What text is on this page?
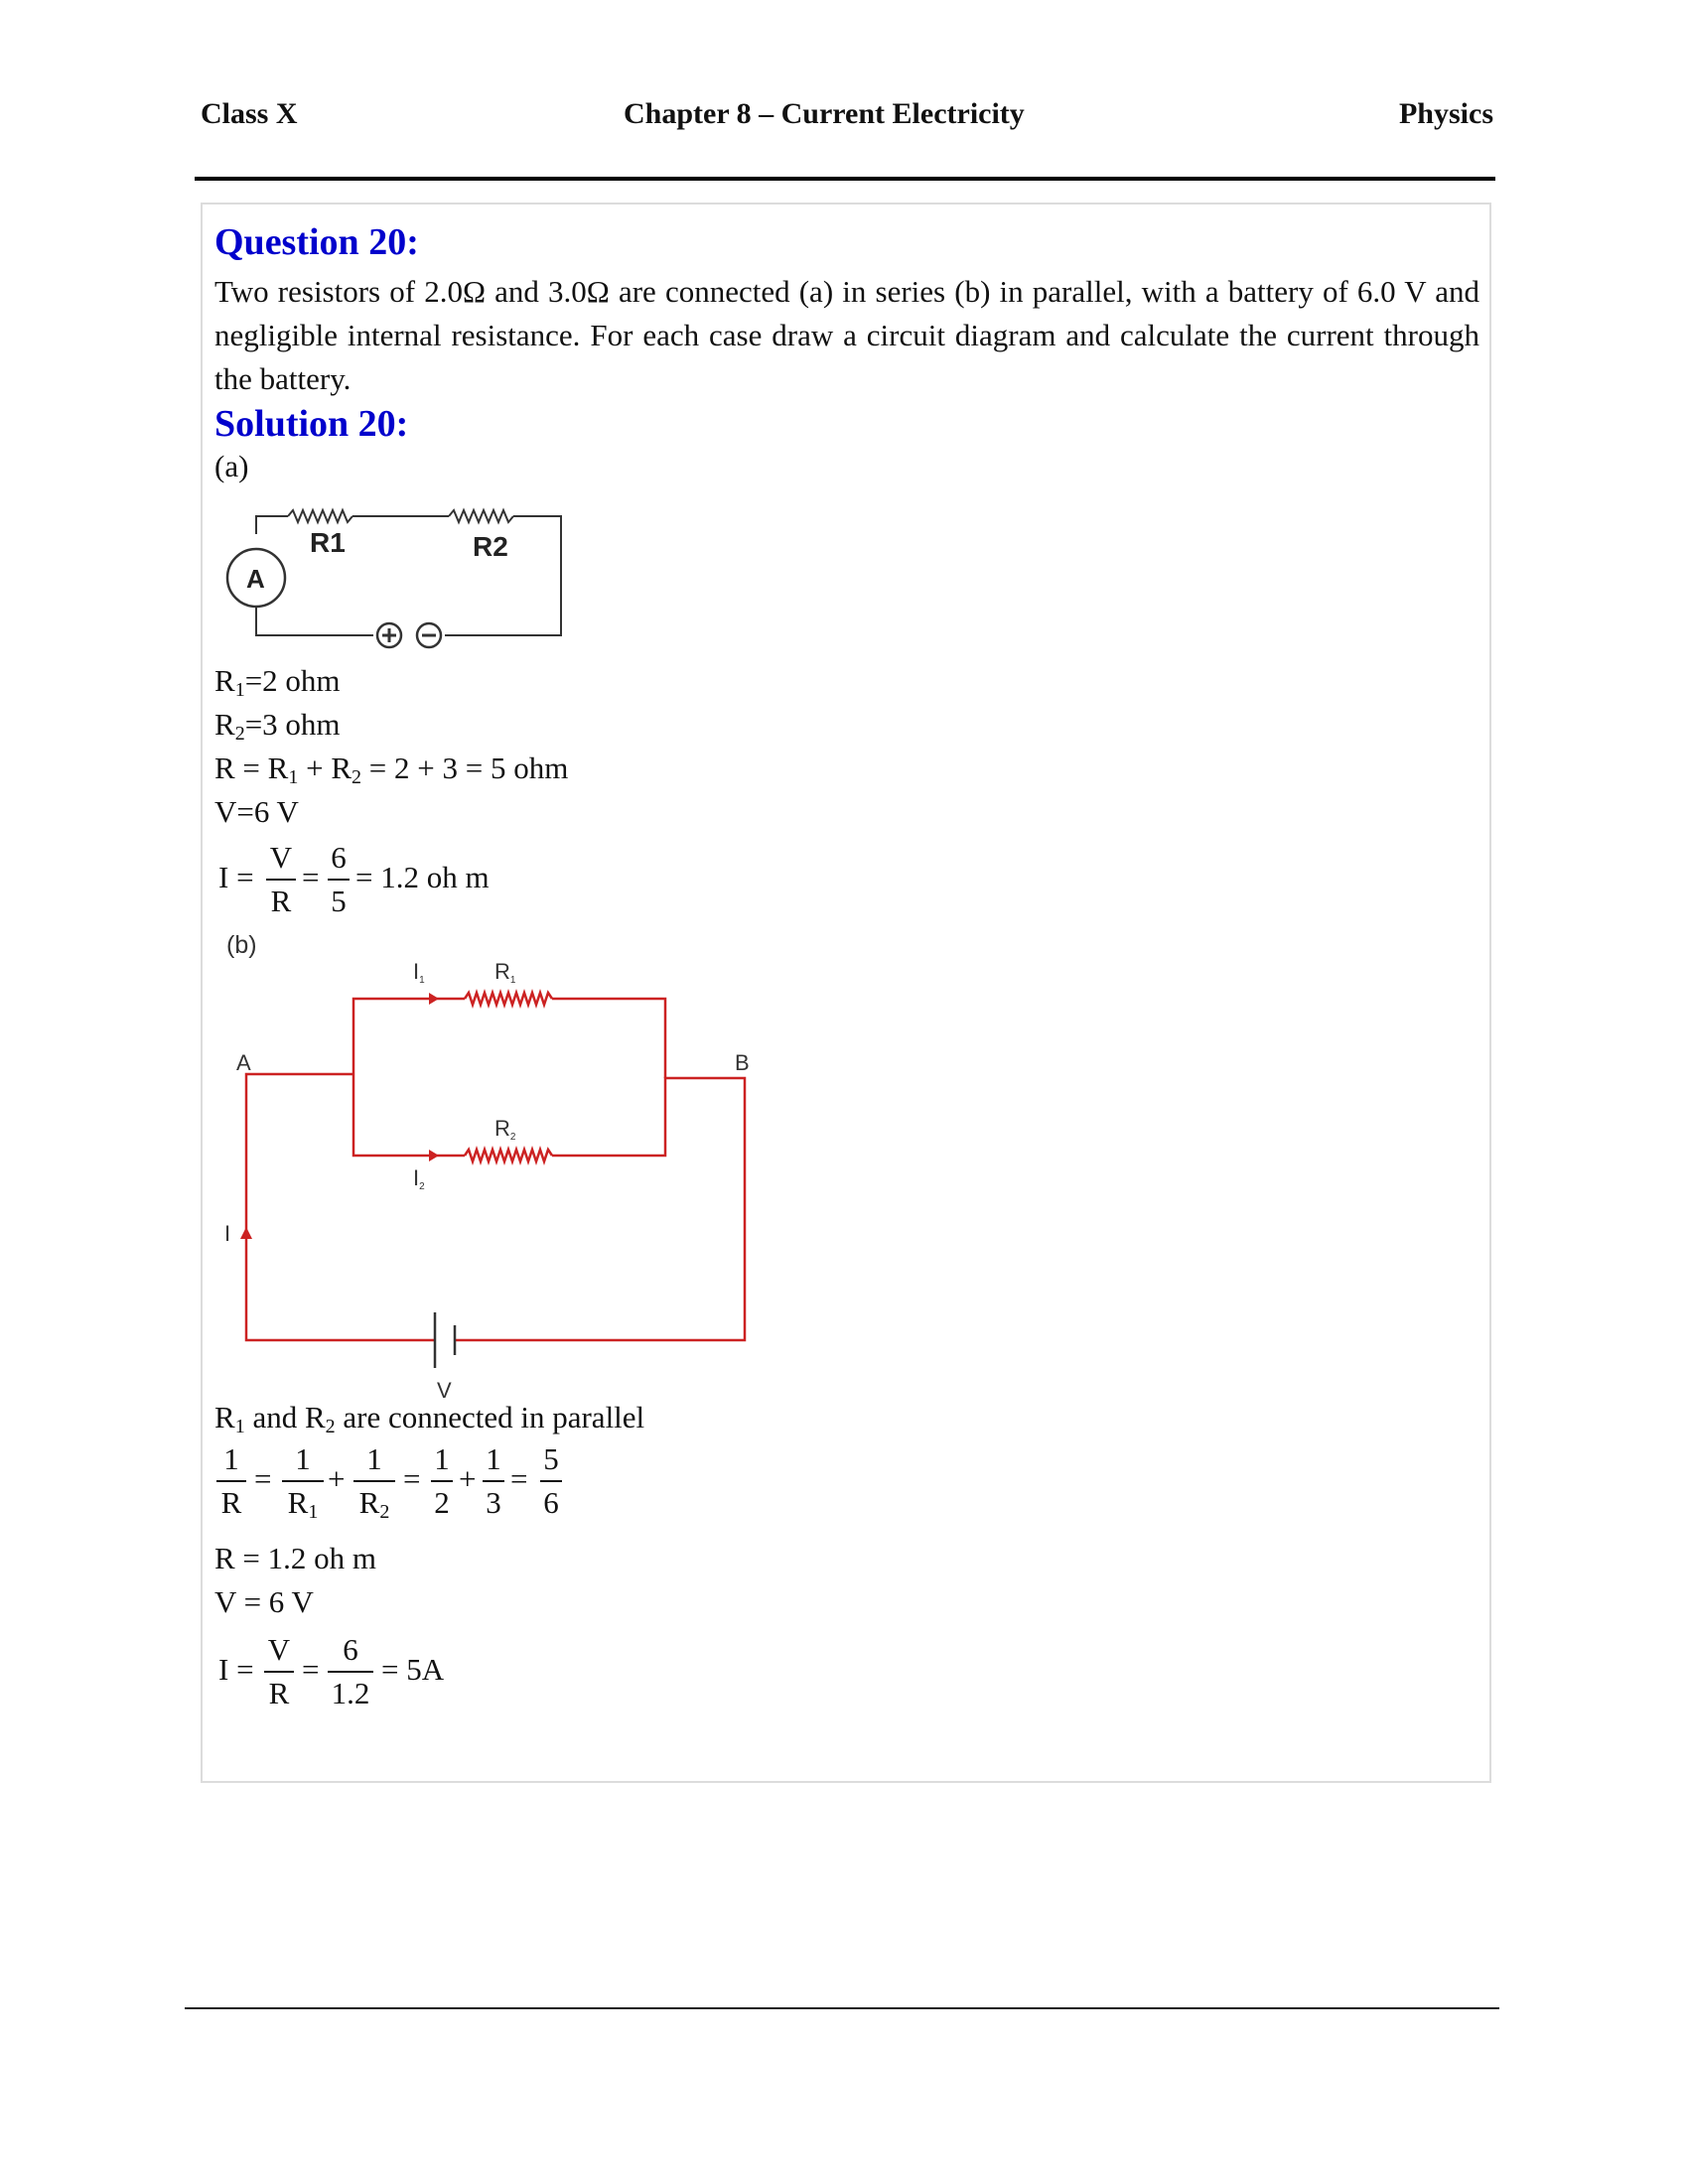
Class X	Chapter 8 – Current Electricity	Physics
Question 20:
Two resistors of 2.0Ω and 3.0Ω are connected (a) in series (b) in parallel, with a battery of 6.0 V and negligible internal resistance. For each case draw a circuit diagram and calculate the current through the battery.
Solution 20:
(a)
R1	R2
A
$R_1=2$ ohm
$R_2=3$ ohm
$R = R_1 + R_2 = 2 + 3 = 5$ ohm
V=6 V
I =
V
R
=
6
5
= 1.2 oh m
A	B
I1	R1
R2
I2
I
V
(b)
$R_1$ and $R_2$ are connected in parallel
1
R
=
1
$R_1$
+
1
$R_2$
=
1
2
+
1
3
=
5
6
R = 1.2 oh m
V = 6 V
I =
V
R
=
6
1.2
= 5A
